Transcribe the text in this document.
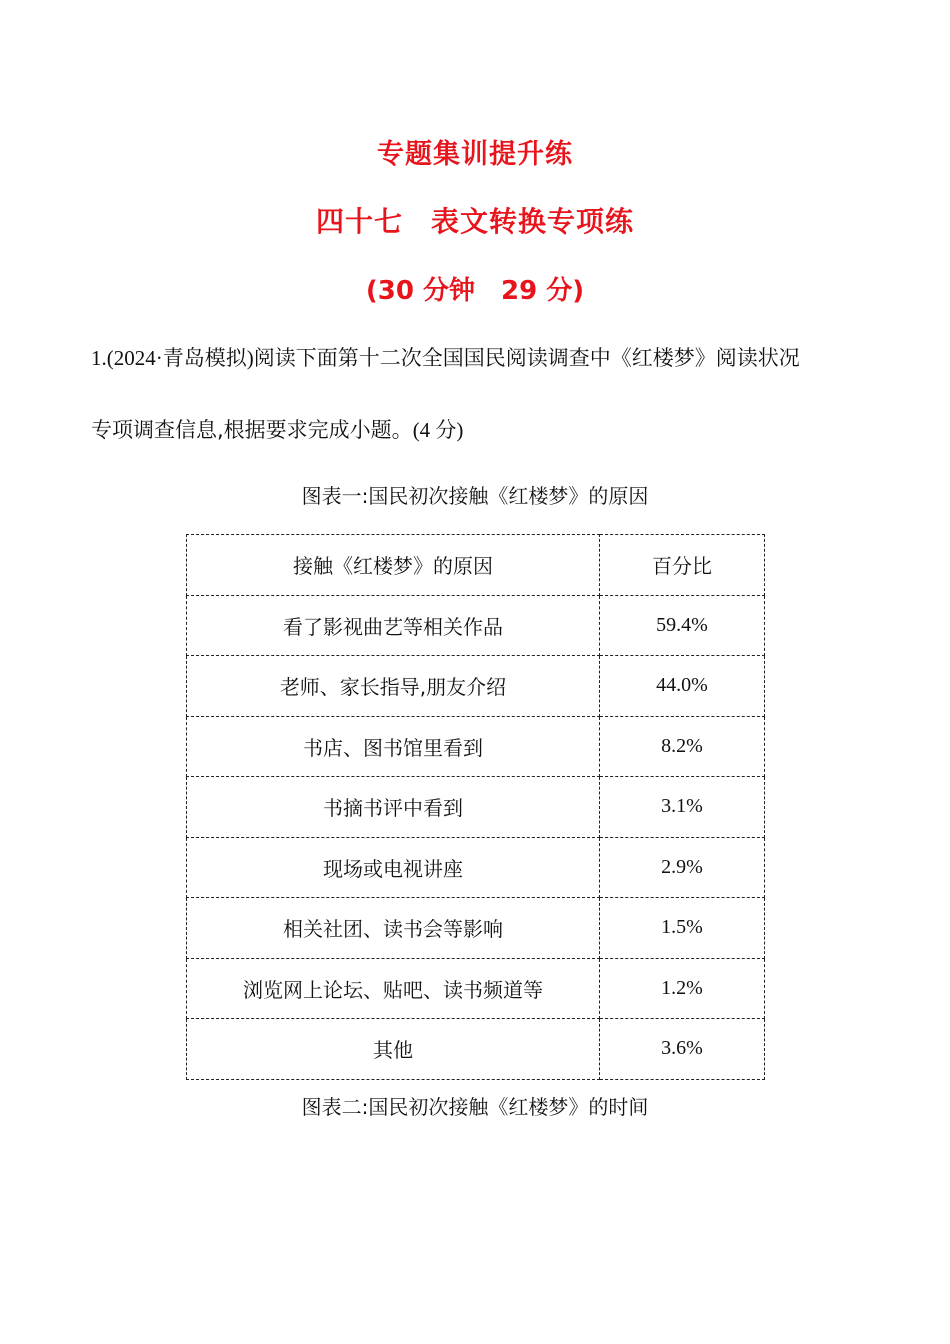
专题集训提升练
四十七 表文转换专项练
(30 分钟 29 分)
1.(2024·青岛模拟)阅读下面第十二次全国国民阅读调查中《红楼梦》阅读状况
专项调查信息,根据要求完成小题。(4 分)
图表一:国民初次接触《红楼梦》的原因
接触《红楼梦》的原因	百分比
看了影视曲艺等相关作品	59.4%
老师、家长指导,朋友介绍	44.0%
书店、图书馆里看到	8.2%
书摘书评中看到	3.1%
现场或电视讲座	2.9%
相关社团、读书会等影响	1.5%
浏览网上论坛、贴吧、读书频道等	1.2%
其他	3.6%
图表二:国民初次接触《红楼梦》的时间
